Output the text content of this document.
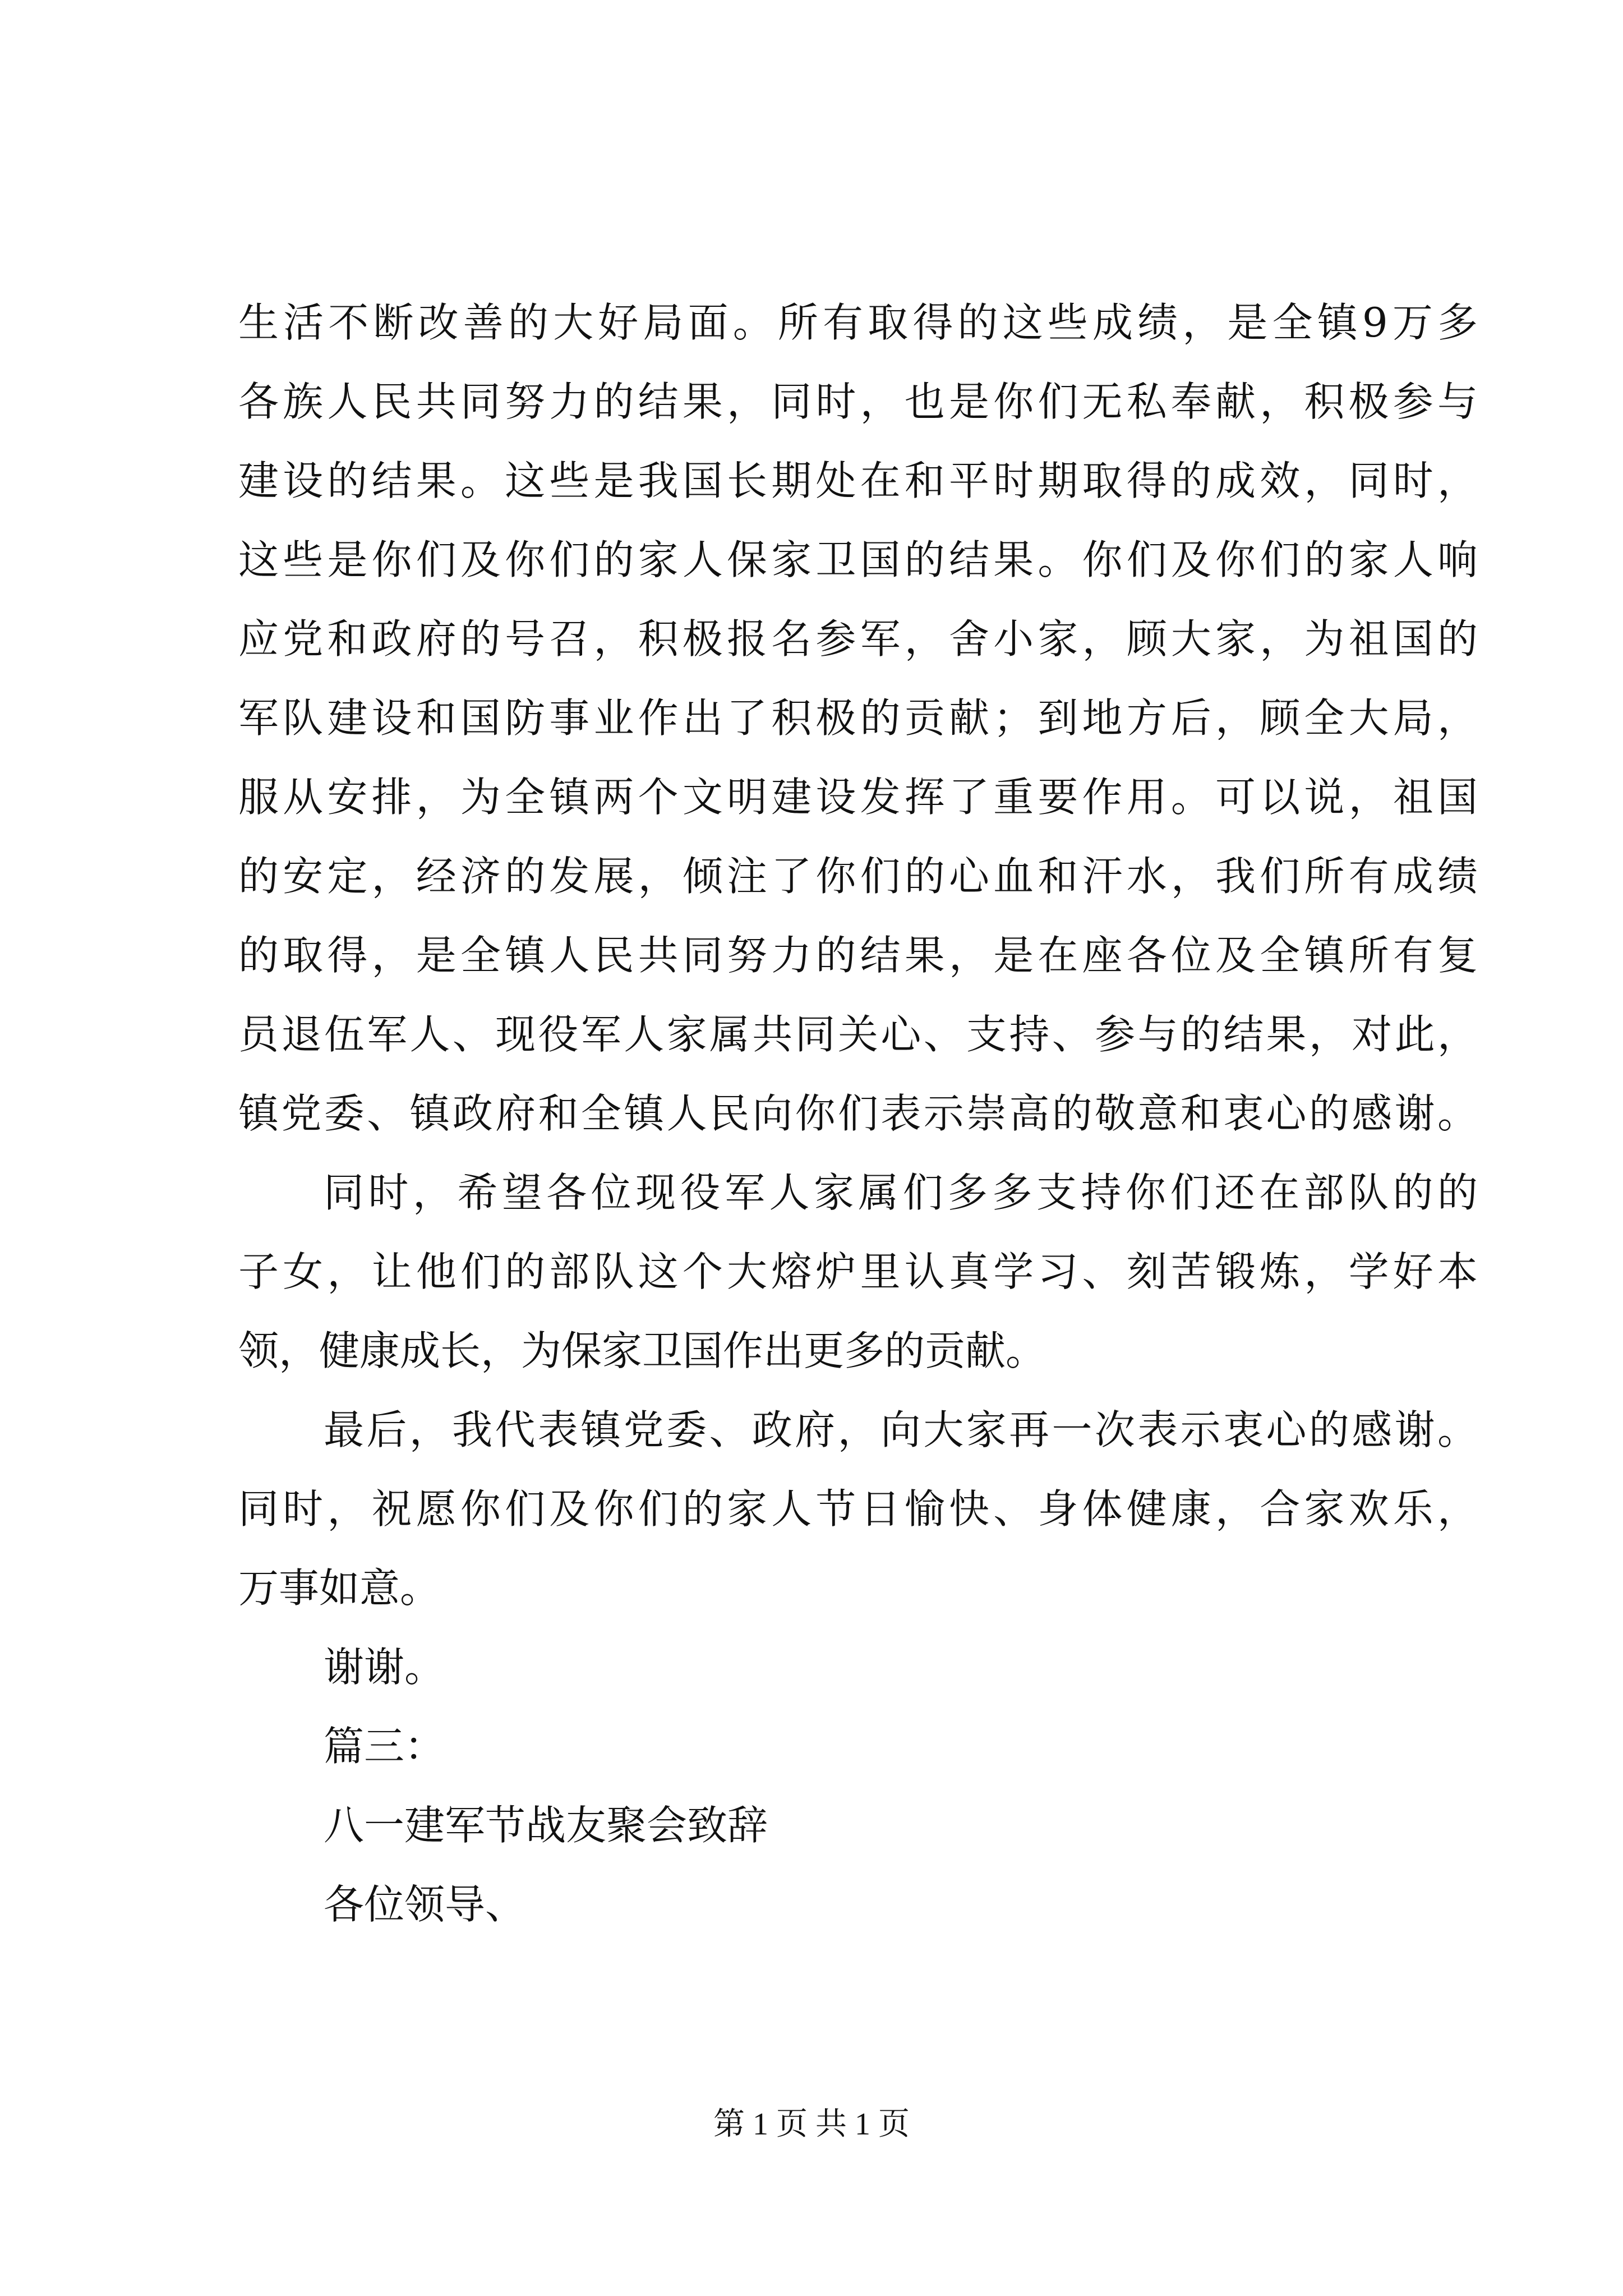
生活不断改善的大好局面。所有取得的这些成绩，是全镇9万多
各族人民共同努力的结果，同时，也是你们无私奉献，积极参与
建设的结果。这些是我国长期处在和平时期取得的成效，同时，
这些是你们及你们的家人保家卫国的结果。你们及你们的家人响
应党和政府的号召，积极报名参军，舍小家，顾大家，为祖国的
军队建设和国防事业作出了积极的贡献；到地方后，顾全大局，
服从安排，为全镇两个文明建设发挥了重要作用。可以说，祖国
的安定，经济的发展，倾注了你们的心血和汗水，我们所有成绩
的取得，是全镇人民共同努力的结果，是在座各位及全镇所有复
员退伍军人、现役军人家属共同关心、支持、参与的结果，对此，
镇党委、镇政府和全镇人民向你们表示崇高的敬意和衷心的感谢。
同时，希望各位现役军人家属们多多支持你们还在部队的的
子女，让他们的部队这个大熔炉里认真学习、刻苦锻炼，学好本
领，健康成长，为保家卫国作出更多的贡献。
最后，我代表镇党委、政府，向大家再一次表示衷心的感谢。
同时，祝愿你们及你们的家人节日愉快、身体健康，合家欢乐，
万事如意。
谢谢。
篇三：
八一建军节战友聚会致辞
各位领导、
第 1 页 共 1 页
